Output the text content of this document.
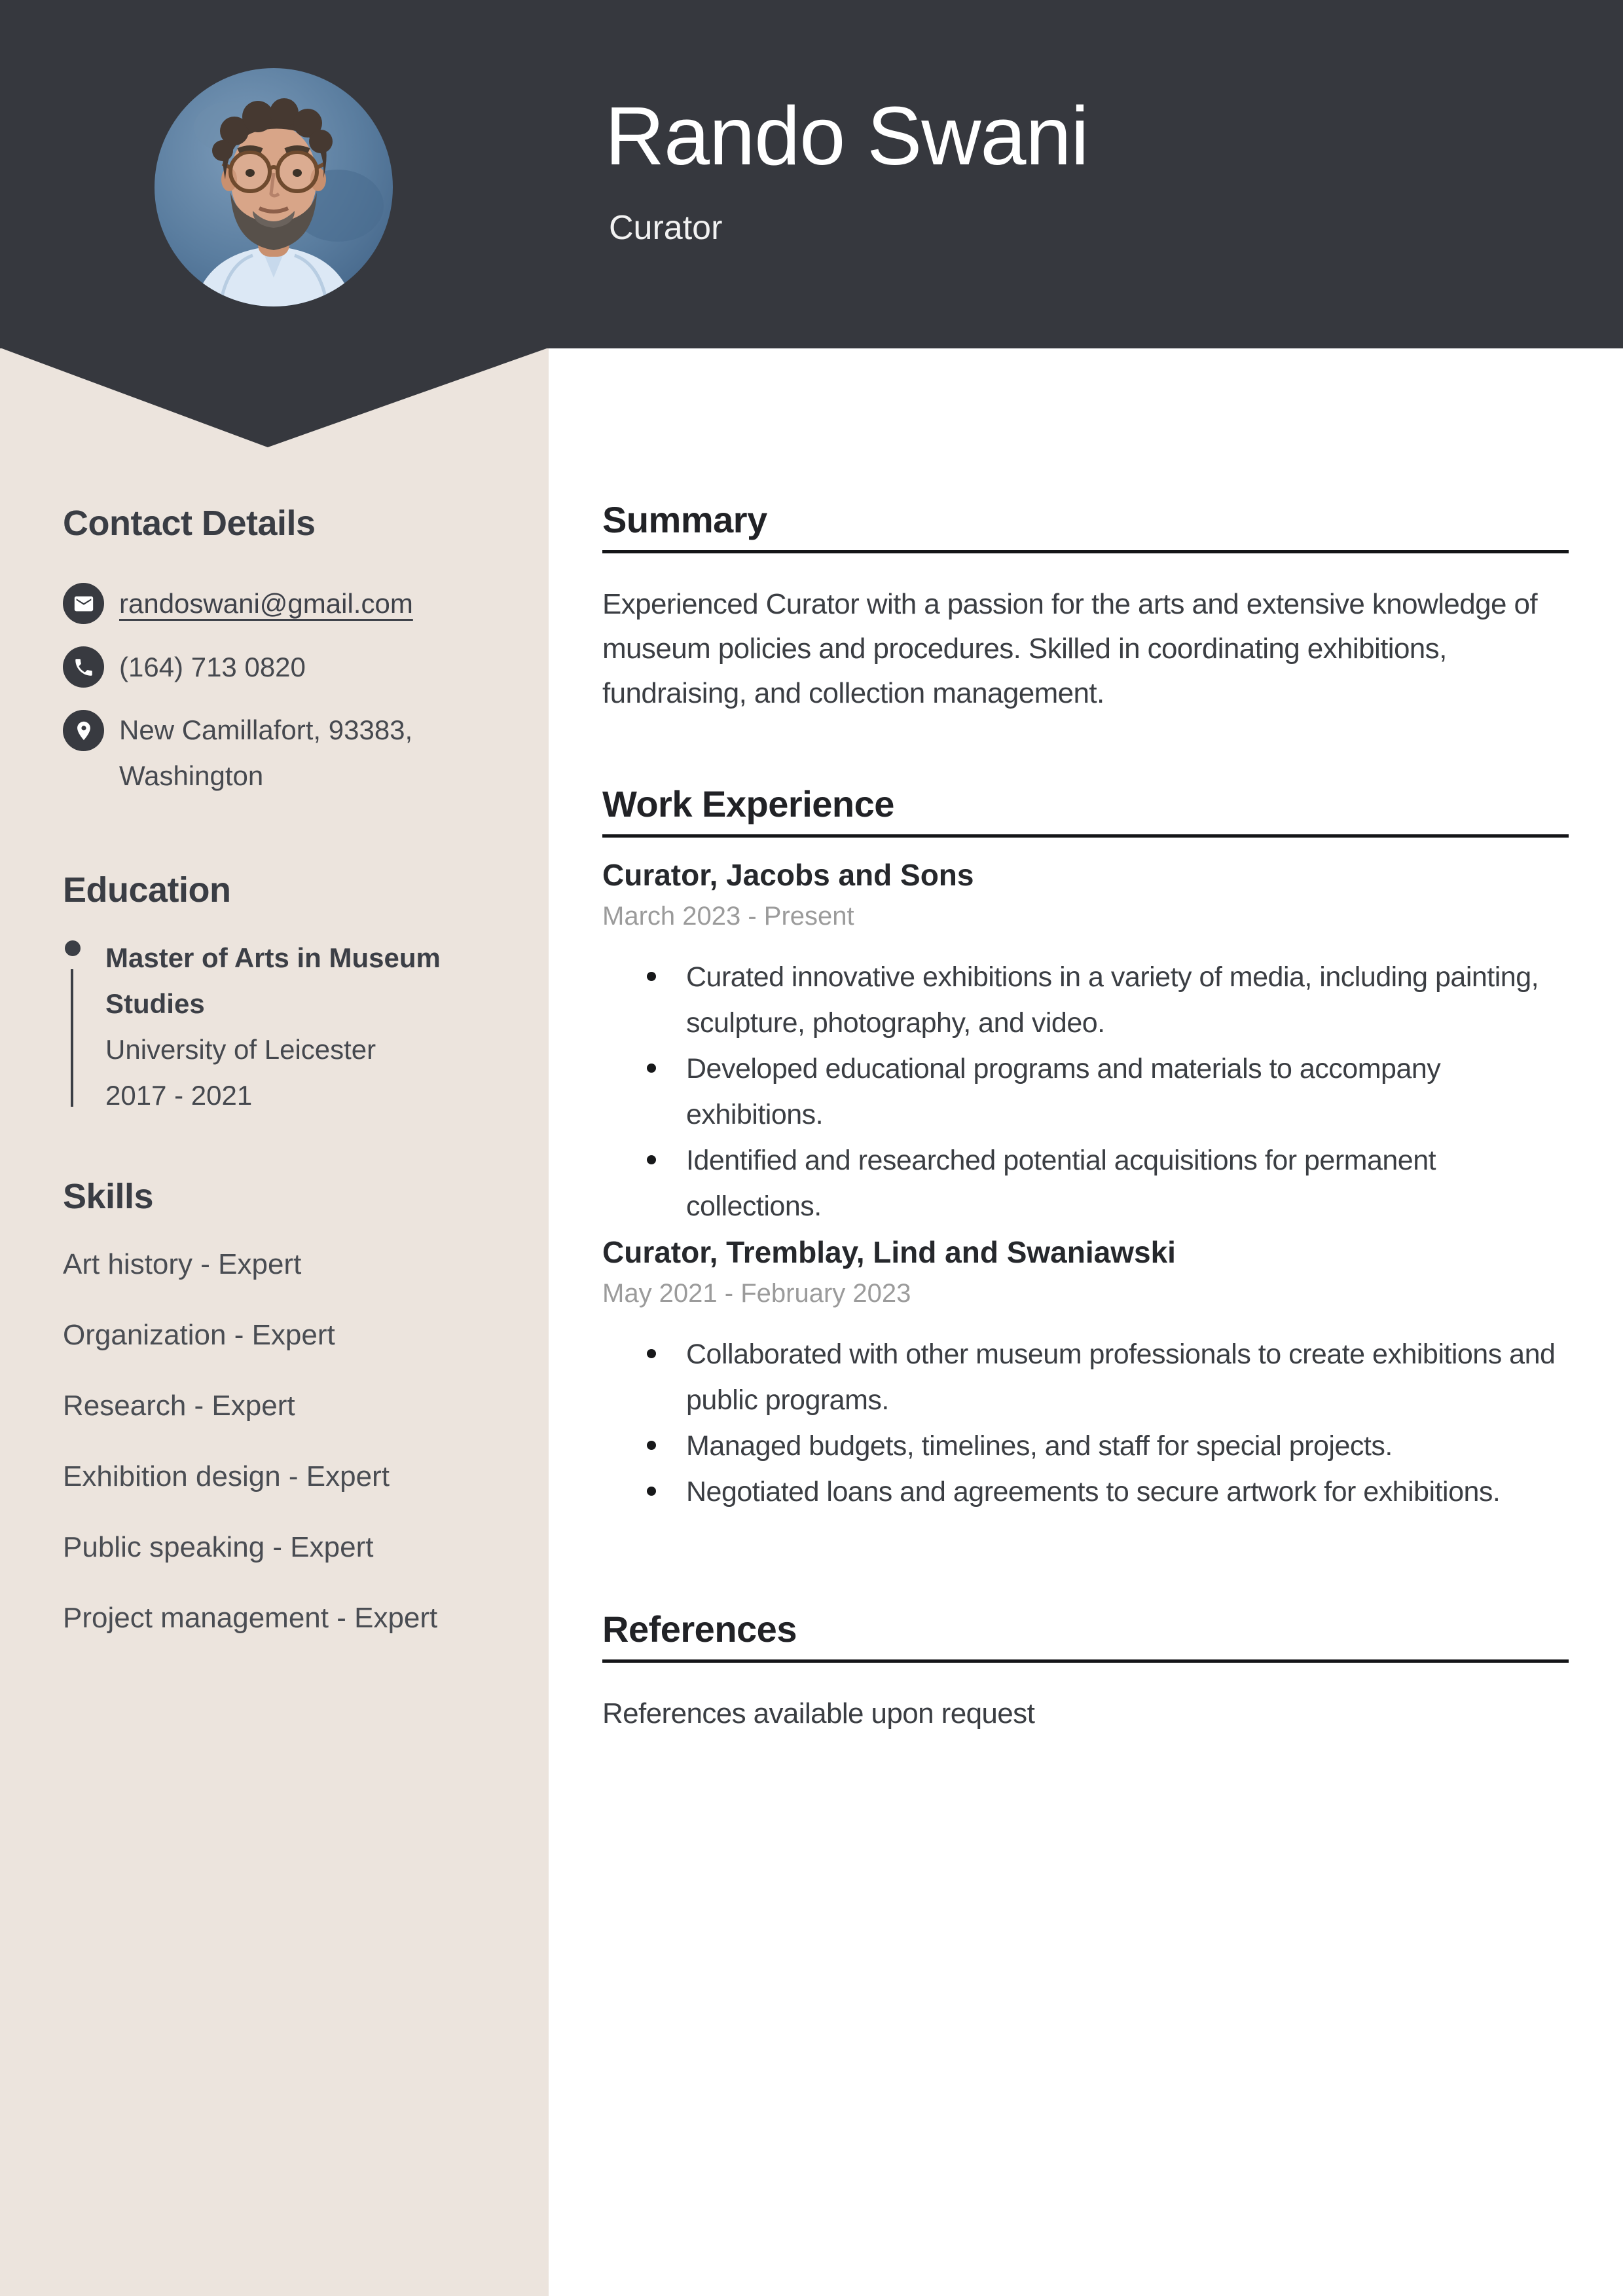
Rando Swani
Curator
Contact Details
randoswani@gmail.com
(164) 713 0820
New Camillafort, 93383, Washington
Education
Master of Arts in Museum Studies
University of Leicester
2017 - 2021
Skills
Art history - Expert
Organization - Expert
Research - Expert
Exhibition design - Expert
Public speaking - Expert
Project management - Expert
Summary

Experienced Curator with a passion for the arts and extensive knowledge of museum policies and procedures. Skilled in coordinating exhibitions, fundraising, and collection management.

Work Experience
Curator, Jacobs and Sons
March 2023 - Present
Curated innovative exhibitions in a variety of media, including painting, sculpture, photography, and video.
Developed educational programs and materials to accompany exhibitions.
Identified and researched potential acquisitions for permanent collections.
Curator, Tremblay, Lind and Swaniawski
May 2021 - February 2023
Collaborated with other museum professionals to create exhibitions and public programs.
Managed budgets, timelines, and staff for special projects.
Negotiated loans and agreements to secure artwork for exhibitions.
References

References available upon request
